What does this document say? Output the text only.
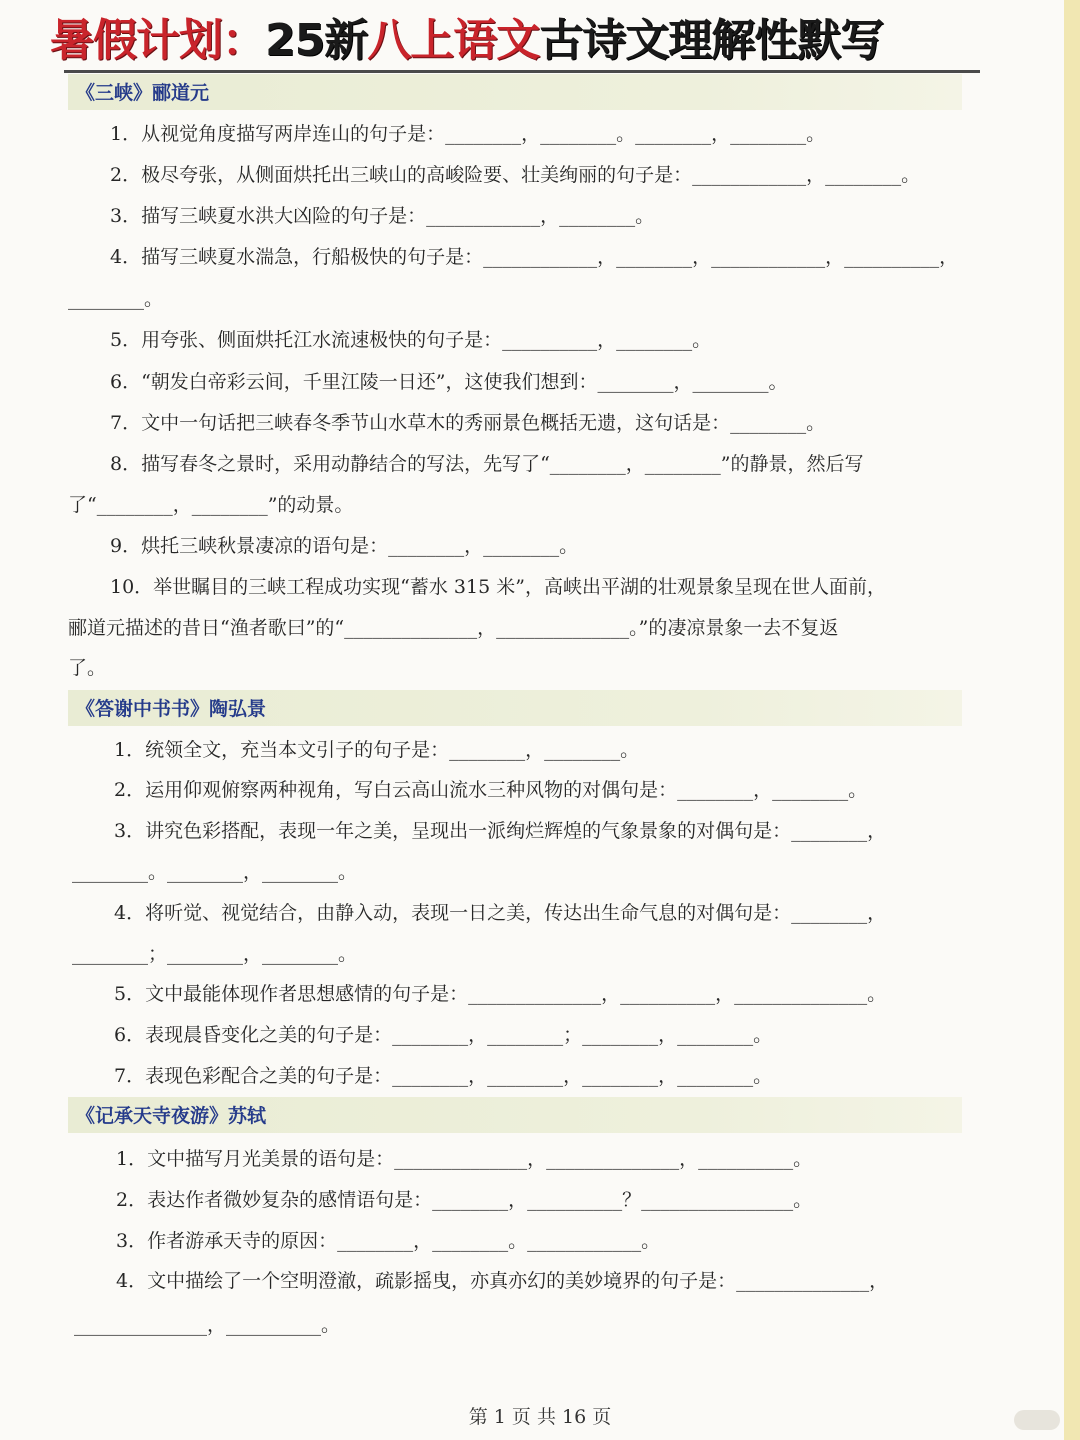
暑假计划：25新八上语文古诗文理解性默写
《三峡》郦道元
1．从视觉角度描写两岸连山的句子是：________，________。________，________。
2．极尽夸张，从侧面烘托出三峡山的高峻险要、壮美绚丽的句子是：____________，________。
3．描写三峡夏水洪大凶险的句子是：____________，________。
4．描写三峡夏水湍急，行船极快的句子是：____________，________，____________，__________，
________。
5．用夸张、侧面烘托江水流速极快的句子是：__________，________。
6．“朝发白帝彩云间，千里江陵一日还”，这使我们想到：________，________。
7．文中一句话把三峡春冬季节山水草木的秀丽景色概括无遗，这句话是：________。
8．描写春冬之景时，采用动静结合的写法，先写了“________，________”的静景，然后写
了“________，________”的动景。
9．烘托三峡秋景凄凉的语句是：________，________。
10．举世瞩目的三峡工程成功实现“蓄水 315 米”，高峡出平湖的壮观景象呈现在世人面前，
郦道元描述的昔日“渔者歌曰”的“______________，______________。”的凄凉景象一去不复返
了。
《答谢中书书》陶弘景
1．统领全文，充当本文引子的句子是：________，________。
2．运用仰观俯察两种视角，写白云高山流水三种风物的对偶句是：________，________。
3．讲究色彩搭配，表现一年之美，呈现出一派绚烂辉煌的气象景象的对偶句是：________，
________。________，________。
4．将听觉、视觉结合，由静入动，表现一日之美，传达出生命气息的对偶句是：________，
________；________，________。
5．文中最能体现作者思想感情的句子是：______________，__________，______________。
6．表现晨昏变化之美的句子是：________，________；________，________。
7．表现色彩配合之美的句子是：________，________，________，________。
《记承天寺夜游》苏轼
1．文中描写月光美景的语句是：______________，______________，__________。
2．表达作者微妙复杂的感情语句是：________，__________？________________。
3．作者游承天寺的原因：________，________。____________。
4．文中描绘了一个空明澄澈，疏影摇曳，亦真亦幻的美妙境界的句子是：______________，
______________，__________。
第 1 页 共 16 页
